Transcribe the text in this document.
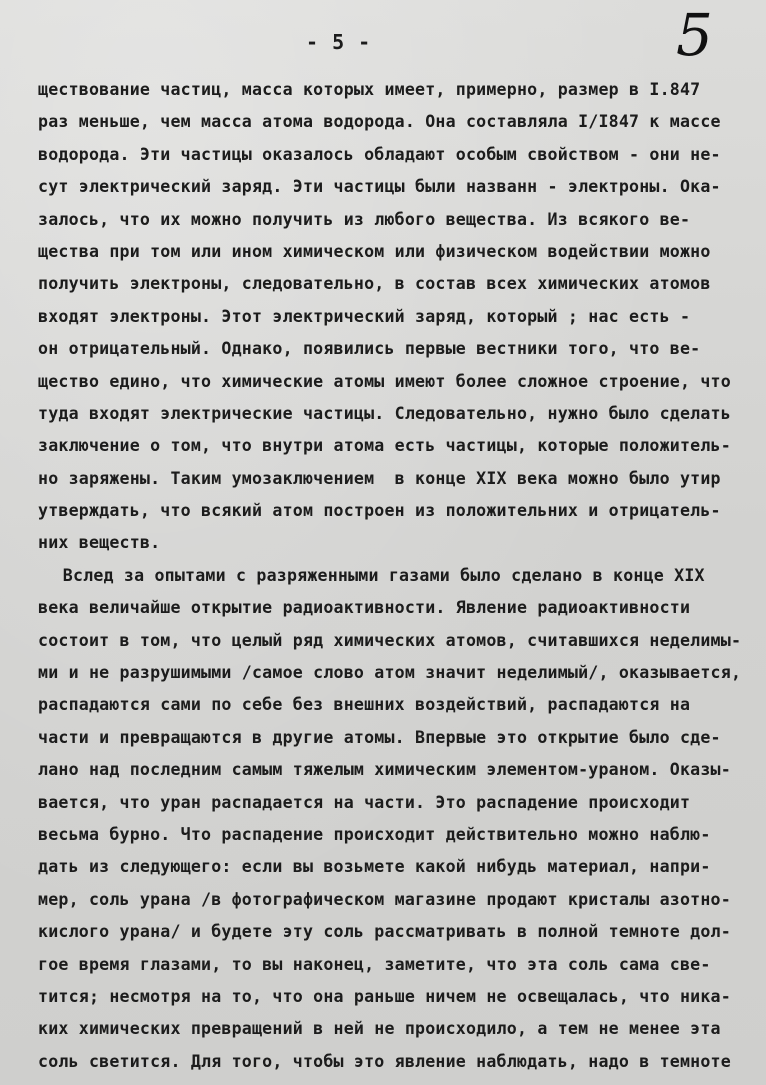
- 5 -	5
ществование частиц, масса которых имеет, примерно, размер в I.847
раз меньше, чем масса атома водорода. Она составляла I/I847 к массе
водорода. Эти частицы оказалось обладают особым свойством - они не-
сут электрический заряд. Эти частицы были названн - электроны. Ока-
залось, что их можно получить из любого вещества. Из всякого ве-
щества при том или ином химическом или физическом водействии можно
получить электроны, следовательно, в состав всех химических атомов
входят электроны. Этот электрический заряд, который ; нас есть -
он отрицательный. Однако, появились первые вестники того, что ве-
щество едино, что химические атомы имеют более сложное строение, что
туда входят электрические частицы. Следовательно, нужно было сделать
заключение о том, что внутри атома есть частицы, которые положитель-
но заряжены. Таким умозаключением  в конце XIX века можно было утир
утверждать, что всякий атом построен из положительних и отрицатель-
них веществ.
Вслед за опытами с разряженными газами было сделано в конце XIX
века величайше открытие радиоактивности. Явление радиоактивности
состоит в том, что целый ряд химических атомов, считавшихся неделимы-
ми и не разрушимыми /самое слово атом значит неделимый/, оказывается,
распадаются сами по себе без внешних воздействий, распадаются на
части и превращаются в другие атомы. Впервые это открытие было сде-
лано над последним самым тяжелым химическим элементом-ураном. Оказы-
вается, что уран распадается на части. Это распадение происходит
весьма бурно. Что распадение происходит действительно можно наблю-
дать из следующего: если вы возьмете какой нибудь материал, напри-
мер, соль урана /в фотографическом магазине продают кристалы азотно-
кислого урана/ и будете эту соль рассматривать в полной темноте дол-
гое время глазами, то вы наконец, заметите, что эта соль сама све-
тится; несмотря на то, что она раньше ничем не освещалась, что ника-
ких химических превращений в ней не происходило, а тем не менее эта
соль светится. Для того, чтобы это явление наблюдать, надо в темноте
